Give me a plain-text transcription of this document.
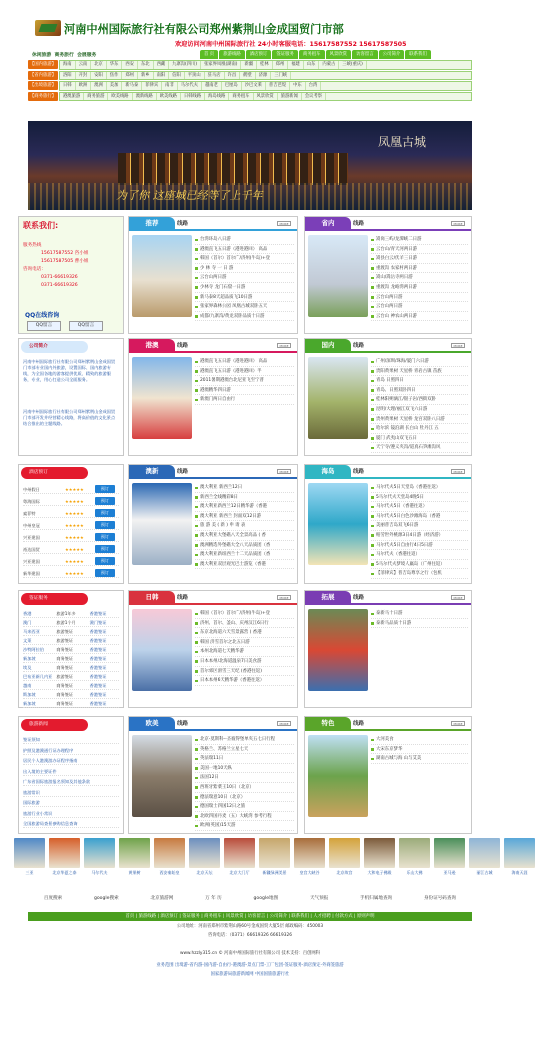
河南中州国际旅行社有限公司郑州紫荆山金成国贸门市部
欢迎访问河南中州国际旅行社 24小时客服电话：15617587552 15617587505
休闲旅游 商务旅行 会展服务	首 页	旅游线路	酒店预订	签证服务	商务租车	风景欣赏	访客留言	公司简介	联系我们
【国内旅游】	海南	云南	北京	华东	西安	东北	西藏	九寨沟(四川)	张家界凤凰(湖南)	新疆	桂林	郑州	福建	山东	内蒙古	三峡(重庆)
【省内旅游】	洛阳	开封	安阳	焦作	郑州	新乡	南阳	信阳	平顶山	驻马店	许昌	鹤壁	济源	三门峡
【出境旅游】	日韩	欧洲	澳洲	美加	新马泰	菲律宾	南非	马尔代夫	越南老	巴厘岛	沙巴文莱	普吉芭堤	中东	台湾
【商务旅行】	港澳旅游	商务旅游	欧美线路	澳新线路	欧美线路	日韩线路	海岛线路	商务租车	风景欣赏	旅游新闻	会议考察
凤凰古城
为了你 这座城已经等了上千年
联系我们:
服务热线
15617587552 咨小姐
15617587505 曹小姐
咨询电话：
0371-66619326
0371-66619326
QQ在线咨询
QQ留言	QQ留言
公司简介
河南中州国际旅行社有限公司郑州紫荆山金成国贸门市部专业国内外旅游，设置国际、国内旅游专线，为全国各地的游客提供优质、精致的旅游服务，专业，用心打造公司全面服务。
河南中州国际旅行社有限公司郑州紫荆山金成国贸门市部开发并经营精心线路，将高价值的文化景点结合推出的主题线路。
酒店预订
中州假日	★★★★★	预订
粤海国际	★★★★★	预订
索菲特	★★★★★	预订
中州皇冠	★★★★★	预订
兴亚建国	★★★★★	预订
裕达国贸	★★★★★	预订
兴亚建国	★★★★★	预订
新华建国	★★★★★	预订
签证服务
香港	旅游1年多	香港签证
澳门	旅游1个月	澳门签证
马来西亚	旅游签证	香港签证
文莱	旅游签证	香港签证
沙特阿拉伯	商务签证	香港签证
新加坡	商务签证	香港签证
埃及	商务签证	香港签证
巴布亚新几内亚 旅游签证	香港签证
越南	商务签证	香港签证
斯加坡	商务签证	香港签证
新加坡	商务签证	香港签证
旅游新闻
签证须知
护照及港澳通行证办理程序
居民个人港澳游办证程序指南
出入境的主要证件
广东省国际旅游报名须知及其他条款
旅游常识
国际旅游
旅游行业小常识
全国旅游局查景参购信息查询
推荐	线路	MORE
台湾环岛八日游
港澳直飞五日游（港进港回） 高品
韩国（首尔）首尔广/济州(牛岛)+登
少 林 寺 一 日 游
云台山两日游
少林寺 龙门石窟一日游
新马泰8天超品质飞10日游
张家界森林公园 凤凰古城双卧五天
成都/九寨沟/黄龙双卧品质十日游
省内	线路	MORE
嵩岗三屿/龙潭峡二日游
云台山/青天河两日游
嵩县白云/伏羊三日游
重渡沟 农家村两日游
嵩山/嵩岳寺两日游
重渡沟 龙峪湾两日游
云台山两日游
云台山两日游
云台山 神农山两日游
港澳	线路	MORE
港澳直飞五日游（港进港回） 高品
港澳直飞五日游（港进港回）半
2011暑期港澳台北尼亚飞至宁普
港澳精华四日游
新澳门两日自由行
国内	线路	MORE
广州/深圳/珠海/厦门六日游
贵阳黄果树 天星桥 青岩古镇 苗族
青岛 日照四日
青岛、日照双卧四日
桂林阳朔漓江/银子岩/西街双卧
昆明/大理/丽江双飞六日游
贵州黄果树 天星桥 龙宫双卧八日游
哈尔滨 镜泊湖 长白山 牡丹江 五
厦门 武夷山双飞五日
天宁寺/遵义夹沟/道真石笋滩沟风
澳新	线路	MORE
澳大利亚 新西兰12日
新西兰全线精彩8日
澳大利亚新西兰12日精华游（香港
澳大利亚 新西兰 封面双12日游
旅 游 美 ( 新 ) 申 请 表
澳大利亚大堡礁八天全景高品 ( 香
澳洲精选外堡礁大全八天品质团（香
澳大利亚新纽西兰十二天品质团（香
澳大利亚双层观光巴士游览（香港
海岛	线路	MORE
马尔代夫5日天堂岛（香港往返）
5马尔代夫天堂岛4晚5日
马尔代夫5日（香港往返）
马尔代夫5日白色沙滩海岛（香港
美丽普吉岛双飞6日游
帕劳世外桃源3日4日游（经济游）
马尔代夫5日自由行4日5日游
马尔代夫（香港往返）
5马尔代夫梦境人赢岛（广州往返）
【菲律宾】普吉岛尊享之行（包机
日韩	线路	MORE
韩国（首尔）首尔广/济州(牛岛)+登
济州、首尔、釜山、庆州汉江6日行
东京北海道六天雪景露营 ( 香港
韩国 济雪首尔之北五日游
本州北海道七天精华游
日本本州/北海道温泉7日美食游
首尔郊区滑雪三天纪 (香港往返)
日本本州6天精华游（香港往返）
拓展	线路	MORE
泰新马十日游
泰新马品质十日游
欧美	线路	MORE
北京-莫斯科--圣彼得堡单夹五七日行程
英格兰、苏格兰立星七天
英法瑞11日
美国一地10天纵
法国12日
西班牙紫菜王10日（北京）
德法瑞意10日（北京）
德国瑞士四国12日之旅
北欧四国丹麦（五）大峡湾 参考行程
欧洲(英国)15天游
特色	线路	MORE
大河美食
大宋东京梦华
湖南古城与海 山与艾美
三亚	北京华夏之泰	马尔代夫	黄果树	西安秦始皇	北京天坛	北京大门厅	新疆绿洲美景	皇宫大峡谷	北京故宫	大和电子佛殿	乐山大佛	亚马逊	丽江古城	海南天涯
百度搜索	google搜索	北京旅游网	万 年 历	google地图	天气预报	手机归属地查询	身份证号码查询
首页 | 旅游线路 | 酒店预订 | 签证服务 | 商务租车 | 风景欣赏 | 访客留言 | 公司简介 | 联系我们 | 人才招聘 | 付款方式 | 原则声明
公司地址：河南省郑州市紫荆山路60号金成国贸大厦5层 邮政编码：450003
咨询电话：（0371）66619326 66619326
www.hzzly315.cn © 河南中州国际旅行社有限公司 技术支持：百创网科
业务范围 出境游-省内游-国内游-自由行-港澳游-景点门票-工厂包团-签证服务-酒店预定-外商签旅游
国家旅游局旅游新闻网 中国国旅旅游行社
